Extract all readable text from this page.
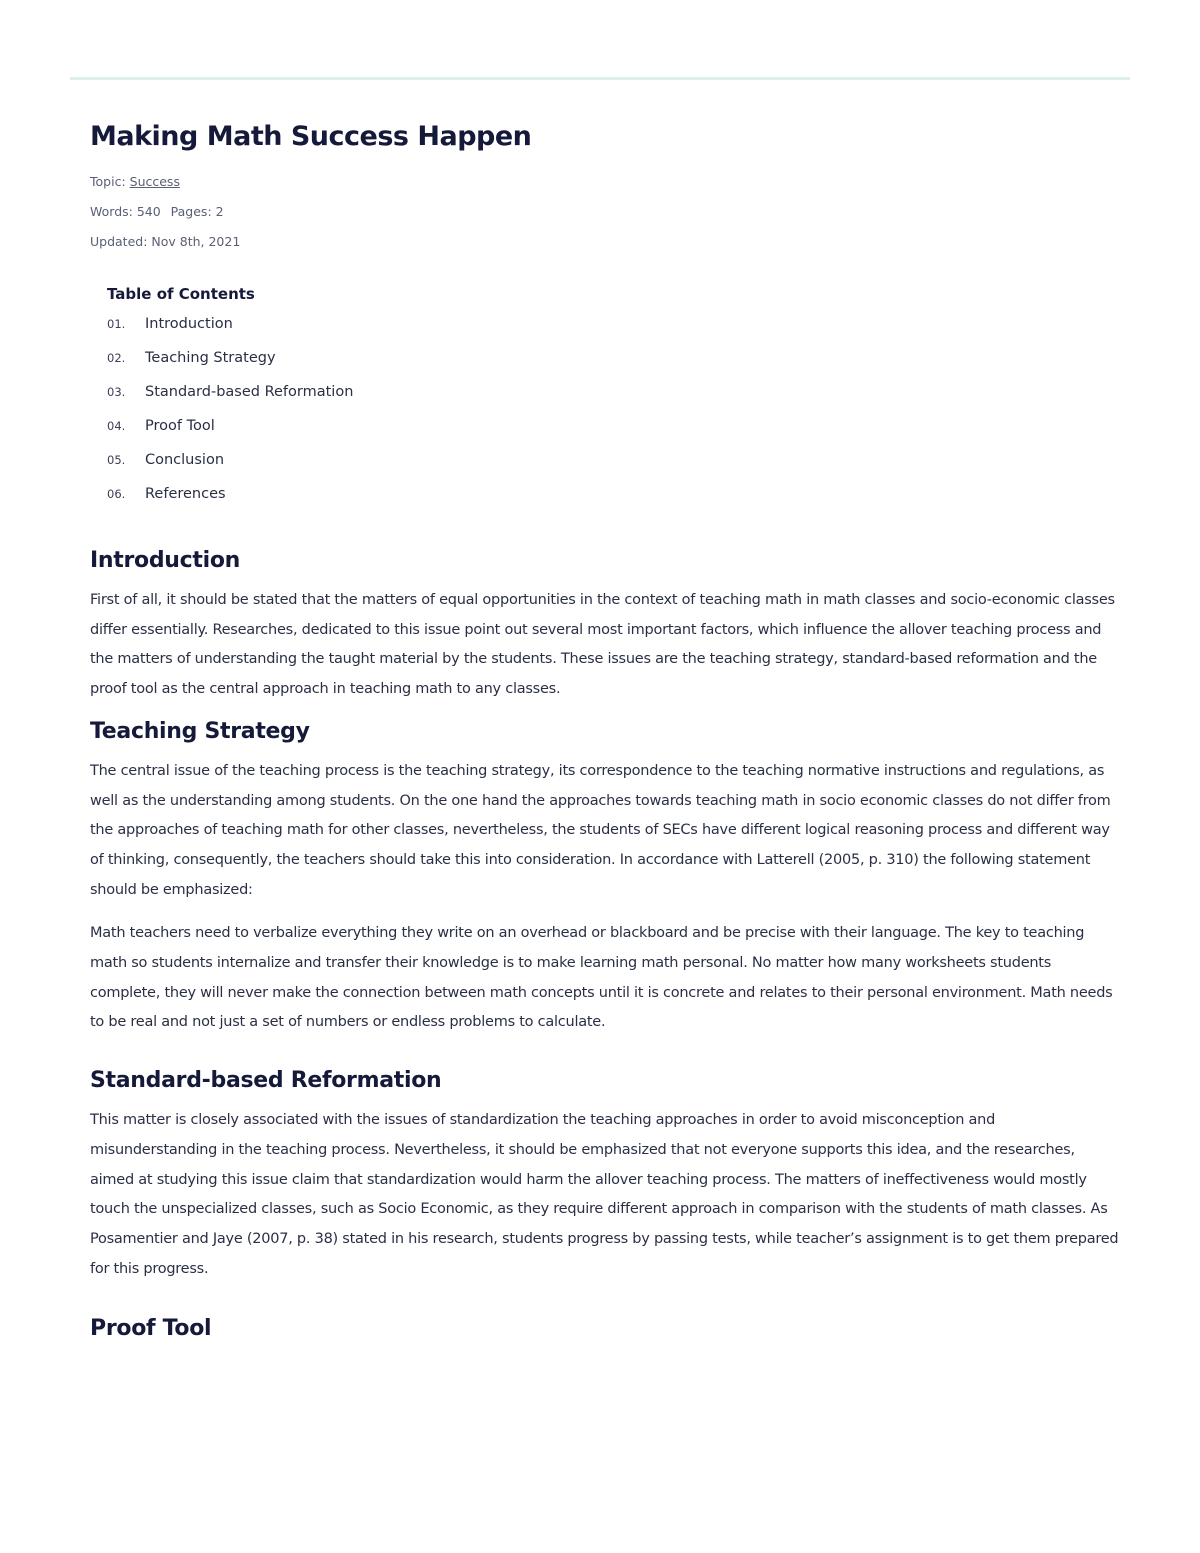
Making Math Success Happen
Topic: Success
Words: 540 Pages: 2
Updated: Nov 8th, 2021
Table of Contents
01.	Introduction
02.	Teaching Strategy
03.	Standard-based Reformation
04.	Proof Tool
05.	Conclusion
06.	References
Introduction

First of all, it should be stated that the matters of equal opportunities in the context of teaching math in math classes and socio-economic classes differ essentially. Researches, dedicated to this issue point out several most important factors, which influence the allover teaching process and the matters of understanding the taught material by the students. These issues are the teaching strategy, standard-based reformation and the proof tool as the central approach in teaching math to any classes.

Teaching Strategy

The central issue of the teaching process is the teaching strategy, its correspondence to the teaching normative instructions and regulations, as well as the understanding among students. On the one hand the approaches towards teaching math in socio economic classes do not differ from the approaches of teaching math for other classes, nevertheless, the students of SECs have different logical reasoning process and different way of thinking, consequently, the teachers should take this into consideration. In accordance with Latterell (2005, p. 310) the following statement should be emphasized:

Math teachers need to verbalize everything they write on an overhead or blackboard and be precise with their language. The key to teaching math so students internalize and transfer their knowledge is to make learning math personal. No matter how many worksheets students complete, they will never make the connection between math concepts until it is concrete and relates to their personal environment. Math needs to be real and not just a set of numbers or endless problems to calculate.

Standard-based Reformation

This matter is closely associated with the issues of standardization the teaching approaches in order to avoid misconception and misunderstanding in the teaching process. Nevertheless, it should be emphasized that not everyone supports this idea, and the researches, aimed at studying this issue claim that standardization would harm the allover teaching process. The matters of ineffectiveness would mostly touch the unspecialized classes, such as Socio Economic, as they require different approach in comparison with the students of math classes. As Posamentier and Jaye (2007, p. 38) stated in his research, students progress by passing tests, while teacher’s assignment is to get them prepared for this progress.

Proof Tool
